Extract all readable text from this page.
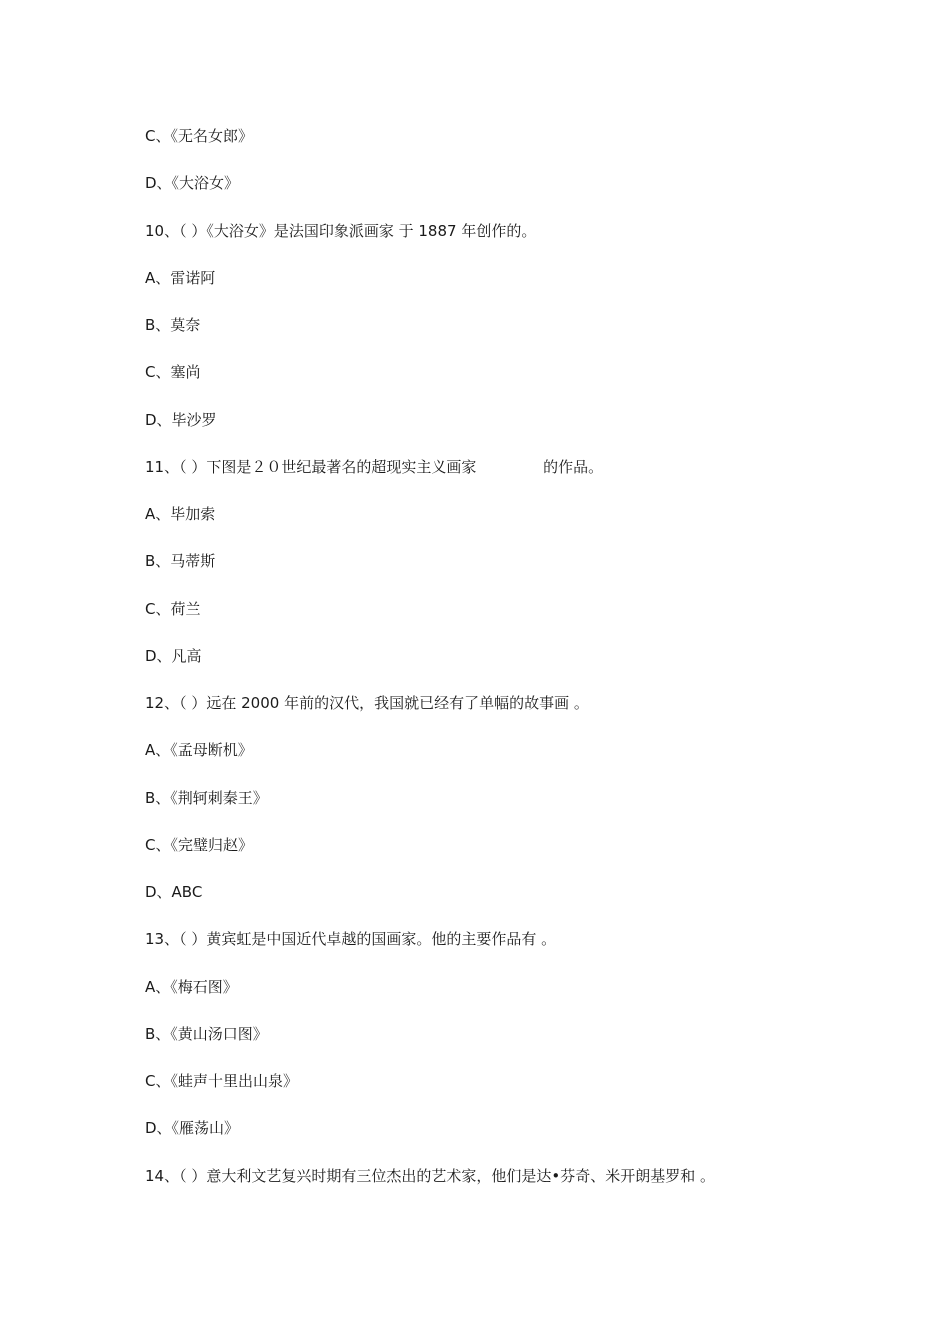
C、《无名女郎》
D、《大浴女》
10、（ ）《大浴女》是法国印象派画家 于 1887 年创作的。
A、雷诺阿
B、莫奈
C、塞尚
D、毕沙罗
11、（ ）下图是２０世纪最著名的超现实主义画家              的作品。
A、毕加索
B、马蒂斯
C、荷兰
D、凡高
12、（ ）远在 2000 年前的汉代，我国就已经有了单幅的故事画 。
A、《孟母断机》
B、《荆轲刺秦王》
C、《完璧归赵》
D、ABC
13、（ ）黄宾虹是中国近代卓越的国画家。他的主要作品有 。
A、《梅石图》
B、《黄山汤口图》
C、《蛙声十里出山泉》
D、《雁荡山》
14、（ ）意大利文艺复兴时期有三位杰出的艺术家，他们是达•芬奇、米开朗基罗和 。
